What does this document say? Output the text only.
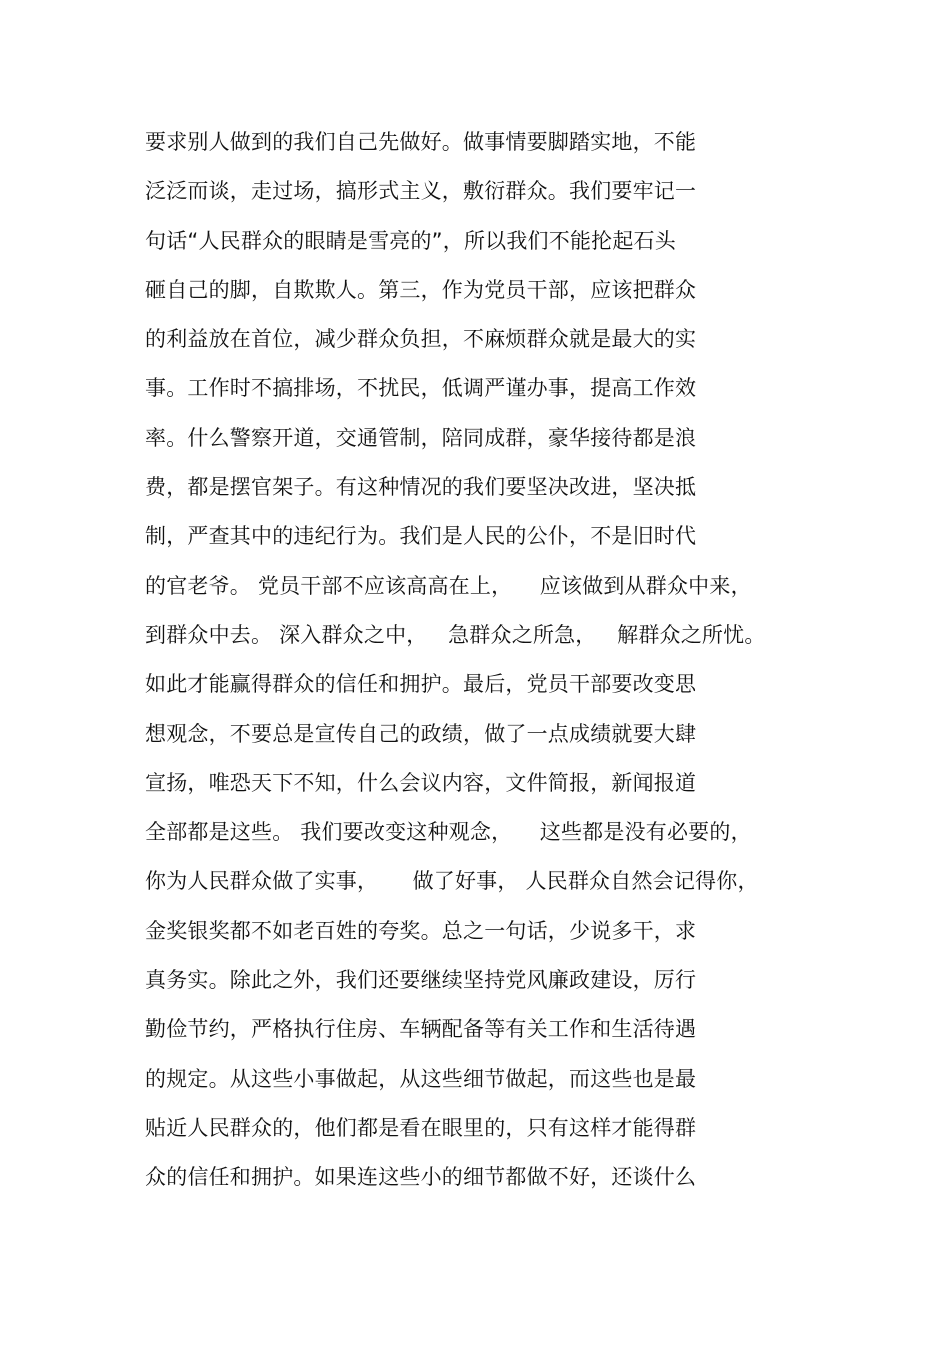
要求别人做到的我们自己先做好。做事情要脚踏实地，不能
泛泛而谈，走过场，搞形式主义，敷衍群众。我们要牢记一
句话“人民群众的眼睛是雪亮的”，所以我们不能抡起石头
砸自己的脚，自欺欺人。第三，作为党员干部，应该把群众
的利益放在首位，减少群众负担，不麻烦群众就是最大的实
事。工作时不搞排场，不扰民，低调严谨办事，提高工作效
率。什么警察开道，交通管制，陪同成群，豪华接待都是浪
费，都是摆官架子。有这种情况的我们要坚决改进，坚决抵
制，严查其中的违纪行为。我们是人民的公仆，不是旧时代
的官老爷。 党员干部不应该高高在上，    应该做到从群众中来，
到群众中去。 深入群众之中，   急群众之所急，   解群众之所忧。
如此才能赢得群众的信任和拥护。最后，党员干部要改变思
想观念，不要总是宣传自己的政绩，做了一点成绩就要大肆
宣扬，唯恐天下不知，什么会议内容，文件简报，新闻报道
全部都是这些。 我们要改变这种观念，    这些都是没有必要的，
你为人民群众做了实事，     做了好事， 人民群众自然会记得你，
金奖银奖都不如老百姓的夸奖。总之一句话，少说多干，求
真务实。除此之外，我们还要继续坚持党风廉政建设，厉行
勤俭节约，严格执行住房、车辆配备等有关工作和生活待遇
的规定。从这些小事做起，从这些细节做起，而这些也是最
贴近人民群众的，他们都是看在眼里的，只有这样才能得群
众的信任和拥护。如果连这些小的细节都做不好，还谈什么
